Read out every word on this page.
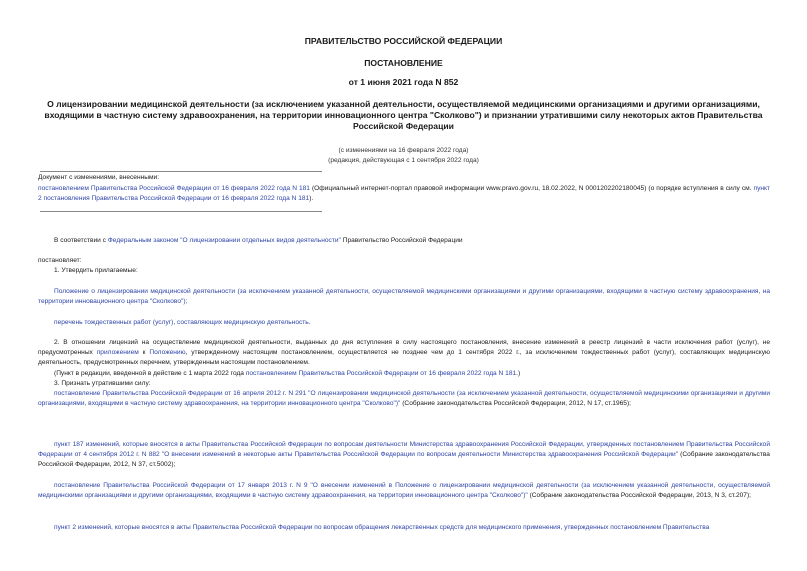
ПРАВИТЕЛЬСТВО РОССИЙСКОЙ ФЕДЕРАЦИИ
ПОСТАНОВЛЕНИЕ
от 1 июня 2021 года N 852
О лицензировании медицинской деятельности (за исключением указанной деятельности, осуществляемой медицинскими организациями и другими организациями, входящими в частную систему здравоохранения, на территории инновационного центра "Сколково") и признании утратившими силу некоторых актов Правительства Российской Федерации
(с изменениями на 16 февраля 2022 года)
(редакция, действующая с 1 сентября 2022 года)
Документ с изменениями, внесенными:
постановлением Правительства Российской Федерации от 16 февраля 2022 года N 181 (Официальный интернет-портал правовой информации www.pravo.gov.ru, 18.02.2022, N 0001202202180045) (о порядке вступления в силу см. пункт 2 постановления Правительства Российской Федерации от 16 февраля 2022 года N 181).
В соответствии с Федеральным законом "О лицензировании отдельных видов деятельности" Правительство Российской Федерации
постановляет:
1. Утвердить прилагаемые:
Положение о лицензировании медицинской деятельности (за исключением указанной деятельности, осуществляемой медицинскими организациями и другими организациями, входящими в частную систему здравоохранения, на территории инновационного центра "Сколково");
перечень тождественных работ (услуг), составляющих медицинскую деятельность.
2. В отношении лицензий на осуществление медицинской деятельности, выданных до дня вступления в силу настоящего постановления, внесение изменений в реестр лицензий в части исключения работ (услуг), не предусмотренных приложением к Положению, утвержденному настоящим постановлением, осуществляется не позднее чем до 1 сентября 2022 г., за исключением тождественных работ (услуг), составляющих медицинскую деятельность, предусмотренных перечнем, утвержденным настоящим постановлением.
(Пункт в редакции, введенной в действие с 1 марта 2022 года постановлением Правительства Российской Федерации от 16 февраля 2022 года N 181.)
3. Признать утратившими силу:
постановление Правительства Российской Федерации от 16 апреля 2012 г. N 291 "О лицензировании медицинской деятельности (за исключением указанной деятельности, осуществляемой медицинскими организациями и другими организациями, входящими в частную систему здравоохранения, на территории инновационного центра "Сколково")" (Собрание законодательства Российской Федерации, 2012, N 17, ст.1965);
пункт 187 изменений, которые вносятся в акты Правительства Российской Федерации по вопросам деятельности Министерства здравоохранения Российской Федерации, утвержденных постановлением Правительства Российской Федерации от 4 сентября 2012 г. N 882 "О внесении изменений в некоторые акты Правительства Российской Федерации по вопросам деятельности Министерства здравоохранения Российской Федерации" (Собрание законодательства Российской Федерации, 2012, N 37, ст.5002);
постановление Правительства Российской Федерации от 17 января 2013 г. N 9 "О внесении изменений в Положение о лицензировании медицинской деятельности (за исключением указанной деятельности, осуществляемой медицинскими организациями и другими организациями, входящими в частную систему здравоохранения, на территории инновационного центра "Сколково")" (Собрание законодательства Российской Федерации, 2013, N 3, ст.207);
пункт 2 изменений, которые вносятся в акты Правительства Российской Федерации по вопросам обращения лекарственных средств для медицинского применения, утвержденных постановлением Правительства
